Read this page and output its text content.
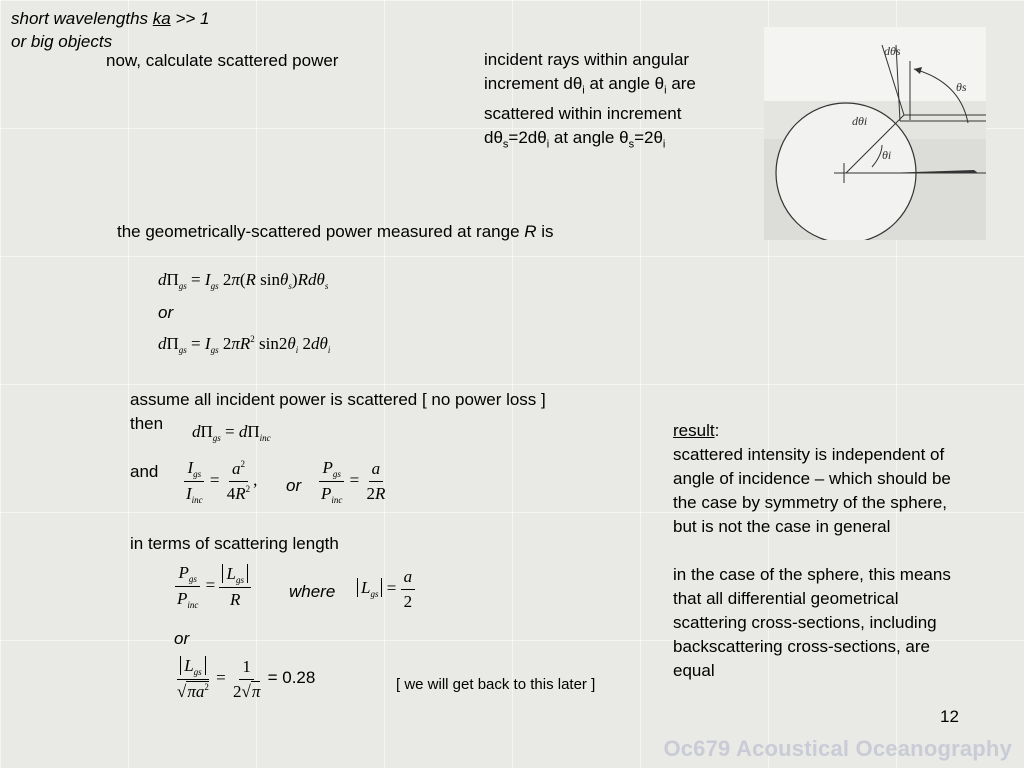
short wavelengths ka >> 1
or big objects
now, calculate scattered power	incident rays within angular
increment $d\theta_i$ at angle $\theta_i$ are
scattered within increment
$d\theta_s=2d\theta_i$ at angle $\theta_s=2\theta_i$
dθs
θs
dθi
θi
the geometrically-scattered power measured at range R is
$d\Pi_{gs} = I_{gs}$ 2π(R sinθ$_s$)Rdθ$_s$
or
$d\Pi_{gs} = I_{gs}$ $2\pi R^2$ $\sin 2\theta_i$ $2d\theta_i$
assume all incident power is scattered [ no power loss ]
then $d\Pi_{gs} = d\Pi_{inc}$
and $\frac{I_{gs}}{I_{inc}} = \frac{a^2}{4R^2}$ , or $\frac{P_{gs}}{P_{inc}} = \frac{a}{2R}$
in terms of scattering length
$\frac{P_{gs}}{P_{inc}} = \frac{L_{gs}}{R}$ where $L_{gs} = \frac{a}{2}$
or
$\frac{L_{gs}}{√\pi a^2} = \frac{1}{2√\pi} = 0.28$	[ we will get back to this later ]
result:
scattered intensity is independent of
angle of incidence – which should be
the case by symmetry of the sphere,
but is not the case in general
in the case of the sphere, this means
that all differential geometrical
scattering cross-sections, including
backscattering cross-sections, are
equal
12
Oc679 Acoustical Oceanography
